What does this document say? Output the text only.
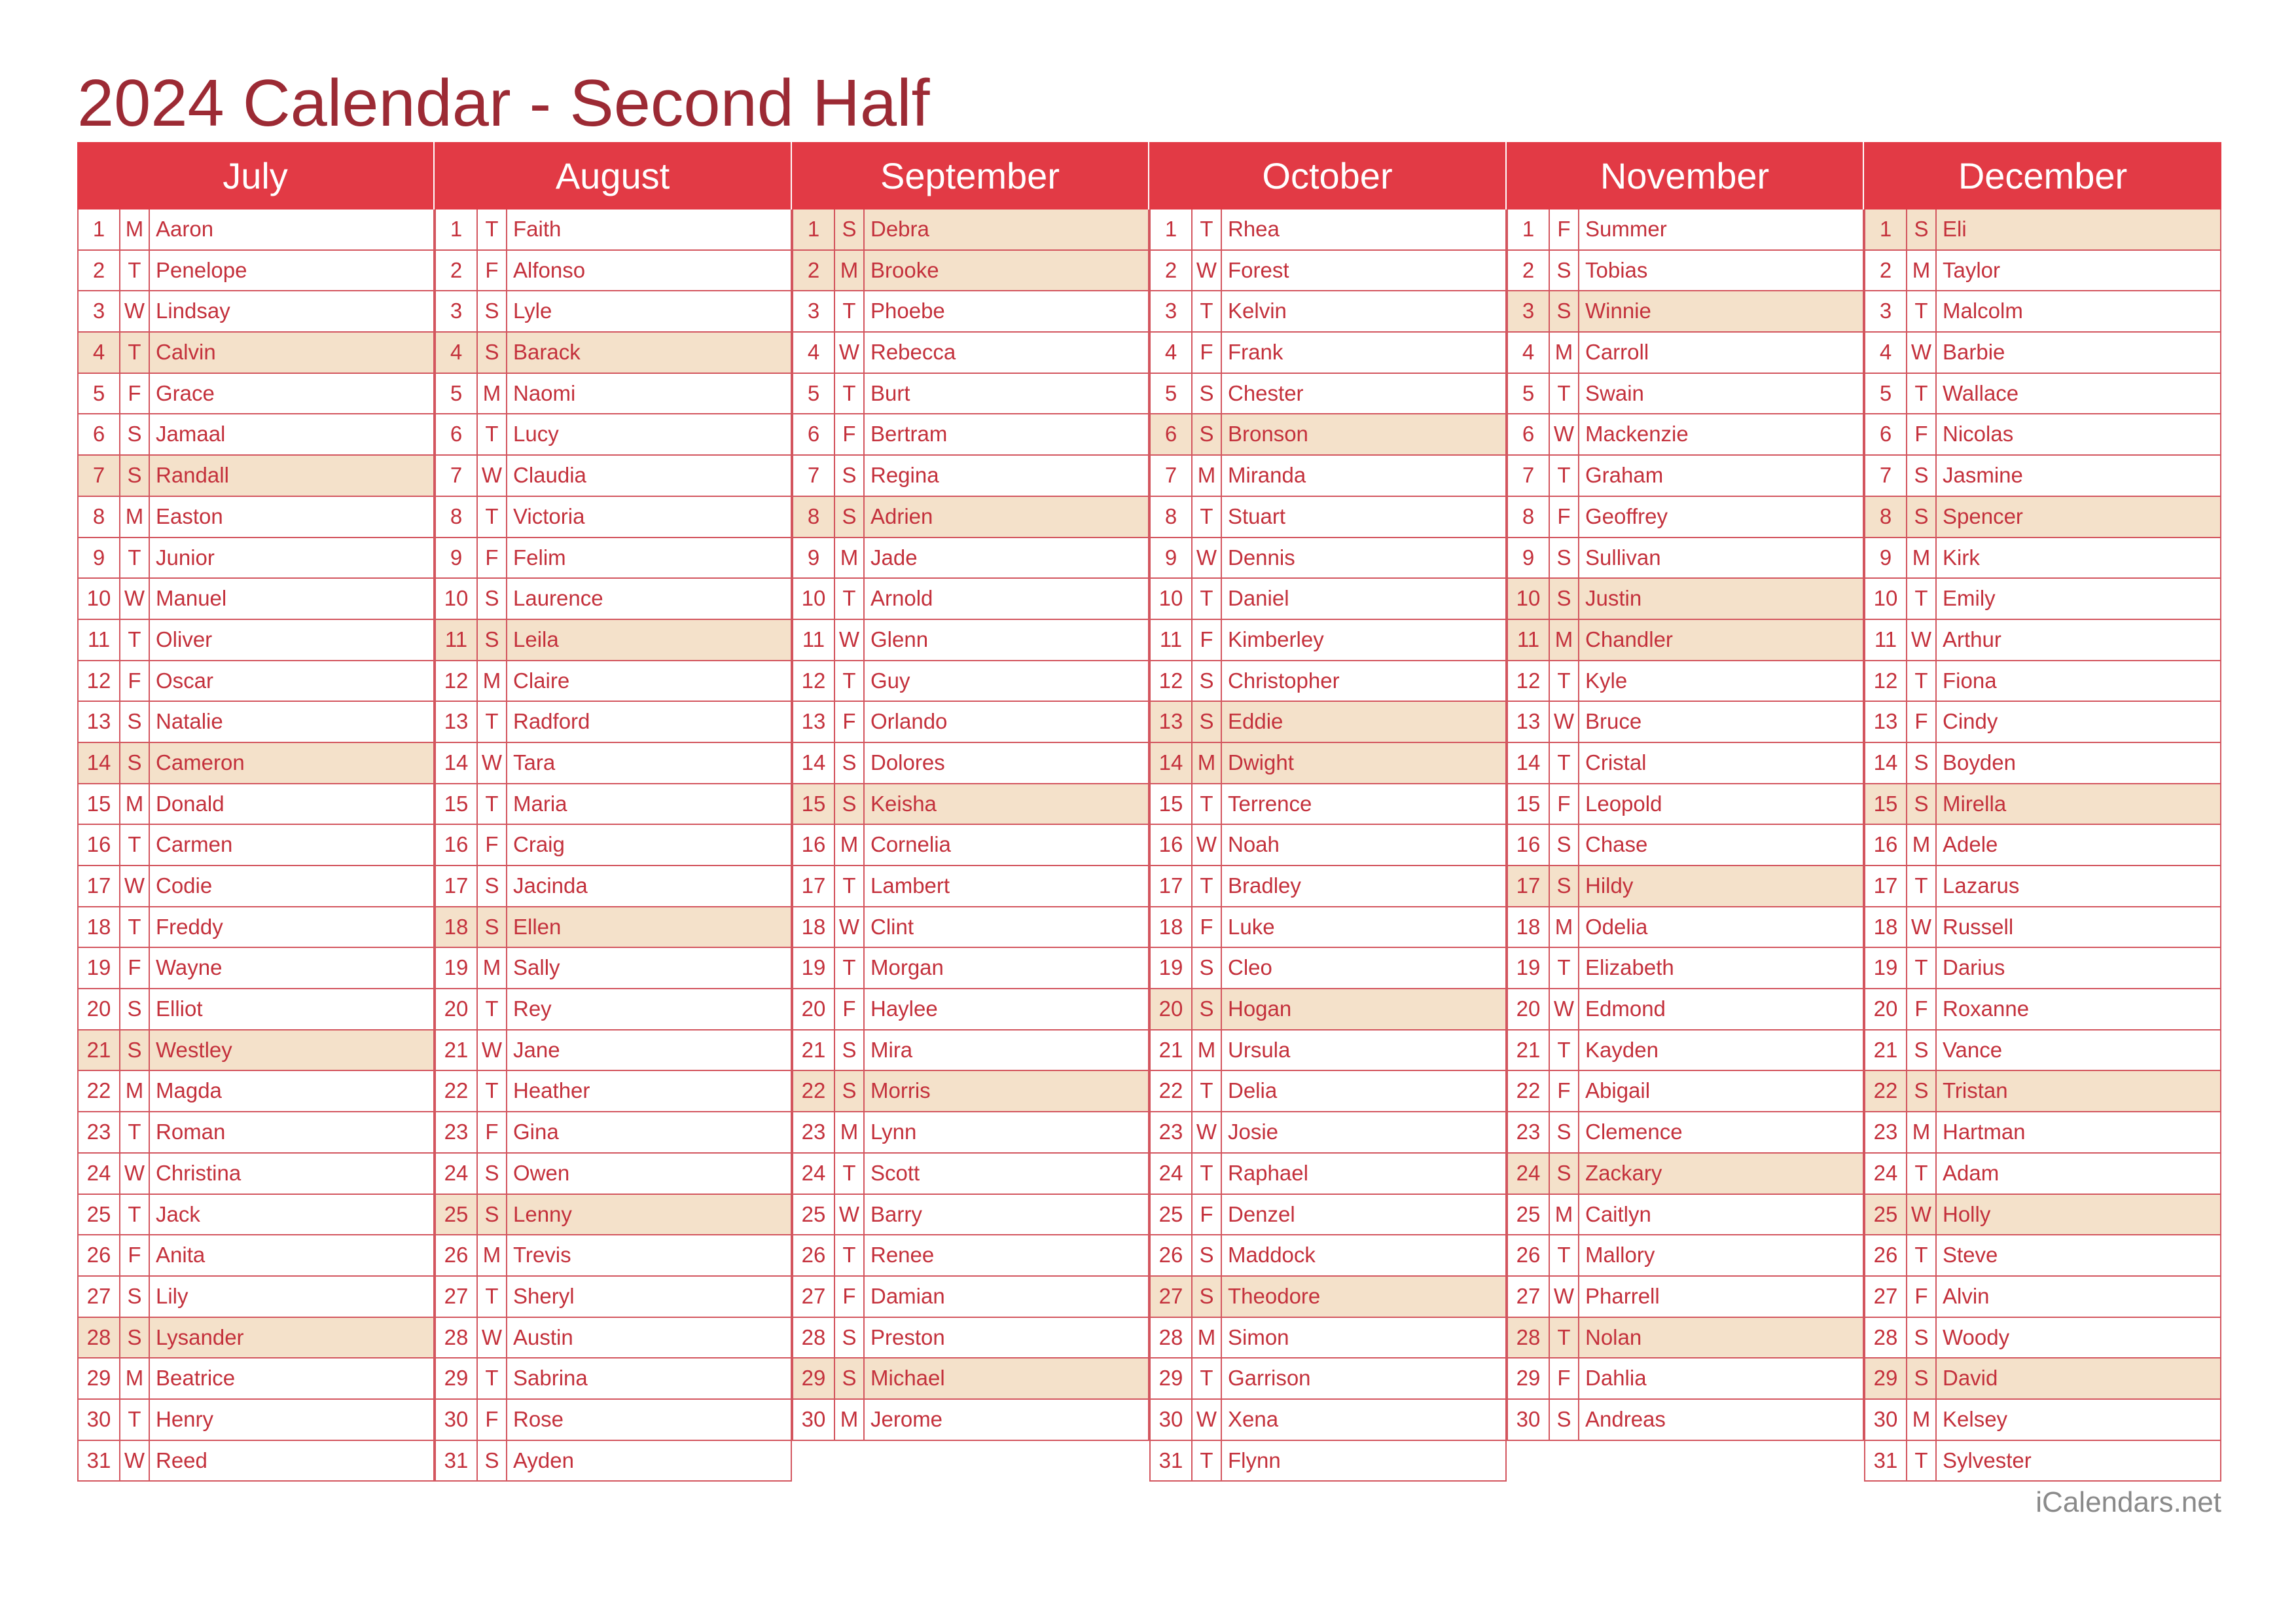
2024 Calendar - Second Half
July
1 M Aaron
2	T Penelope
3 W Lindsay
4	T Calvin
5	F Grace
6	S Jamaal
7	S Randall
8 M Easton
9	T Junior
10 W Manuel
11 T Oliver
12 F Oscar
13 S Natalie
14 S Cameron
15 M Donald
16 T Carmen
17 W Codie
18 T Freddy
19 F Wayne
20 S Elliot
21 S Westley
22 M Magda
23 T Roman
24 W Christina
25 T Jack
26 F Anita
27 S Lily
28 S Lysander
29 M Beatrice
30 T Henry
31 W Reed
August
1	T Faith
2	F Alfonso
3	S Lyle
4	S Barack
5 M Naomi
6	T Lucy
7 W Claudia
8	T Victoria
9	F Felim
10 S Laurence
11 S Leila
12 M Claire
13 T Radford
14 W Tara
15 T Maria
16 F Craig
17 S Jacinda
18 S Ellen
19 M Sally
20 T Rey
21 W Jane
22 T Heather
23 F Gina
24 S Owen
25 S Lenny
26 M Trevis
27 T Sheryl
28 W Austin
29 T Sabrina
30 F Rose
31 S Ayden
September
1	S Debra
2 M Brooke
3	T Phoebe
4 W Rebecca
5	T Burt
6	F Bertram
7	S Regina
8	S Adrien
9 M Jade
10 T Arnold
11 W Glenn
12 T Guy
13 F Orlando
14 S Dolores
15 S Keisha
16 M Cornelia
17 T Lambert
18 W Clint
19 T Morgan
20 F Haylee
21 S Mira
22 S Morris
23 M Lynn
24 T Scott
25 W Barry
26 T Renee
27 F Damian
28 S Preston
29 S Michael
30 M Jerome
October
1	T Rhea
2 W Forest
3	T Kelvin
4	F Frank
5	S Chester
6	S Bronson
7 M Miranda
8	T Stuart
9 W Dennis
10 T Daniel
11 F Kimberley
12 S Christopher
13 S Eddie
14 M Dwight
15 T Terrence
16 W Noah
17 T Bradley
18 F Luke
19 S Cleo
20 S Hogan
21 M Ursula
22 T Delia
23 W Josie
24 T Raphael
25 F Denzel
26 S Maddock
27 S Theodore
28 M Simon
29 T Garrison
30 W Xena
31 T Flynn
November
1	F Summer
2	S Tobias
3	S Winnie
4 M Carroll
5	T Swain
6 W Mackenzie
7	T Graham
8	F Geoffrey
9	S Sullivan
10 S Justin
11 M Chandler
12 T Kyle
13 W Bruce
14 T Cristal
15 F Leopold
16 S Chase
17 S Hildy
18 M Odelia
19 T Elizabeth
20 W Edmond
21 T Kayden
22 F Abigail
23 S Clemence
24 S Zackary
25 M Caitlyn
26 T Mallory
27 W Pharrell
28 T Nolan
29 F Dahlia
30 S Andreas
December
1	S Eli
2 M Taylor
3	T Malcolm
4 W Barbie
5	T Wallace
6	F Nicolas
7	S Jasmine
8	S Spencer
9 M Kirk
10 T Emily
11 W Arthur
12 T Fiona
13 F Cindy
14 S Boyden
15 S Mirella
16 M Adele
17 T Lazarus
18 W Russell
19 T Darius
20 F Roxanne
21 S Vance
22 S Tristan
23 M Hartman
24 T Adam
25 W Holly
26 T Steve
27 F Alvin
28 S Woody
29 S David
30 M Kelsey
31 T Sylvester
iCalendars.net
